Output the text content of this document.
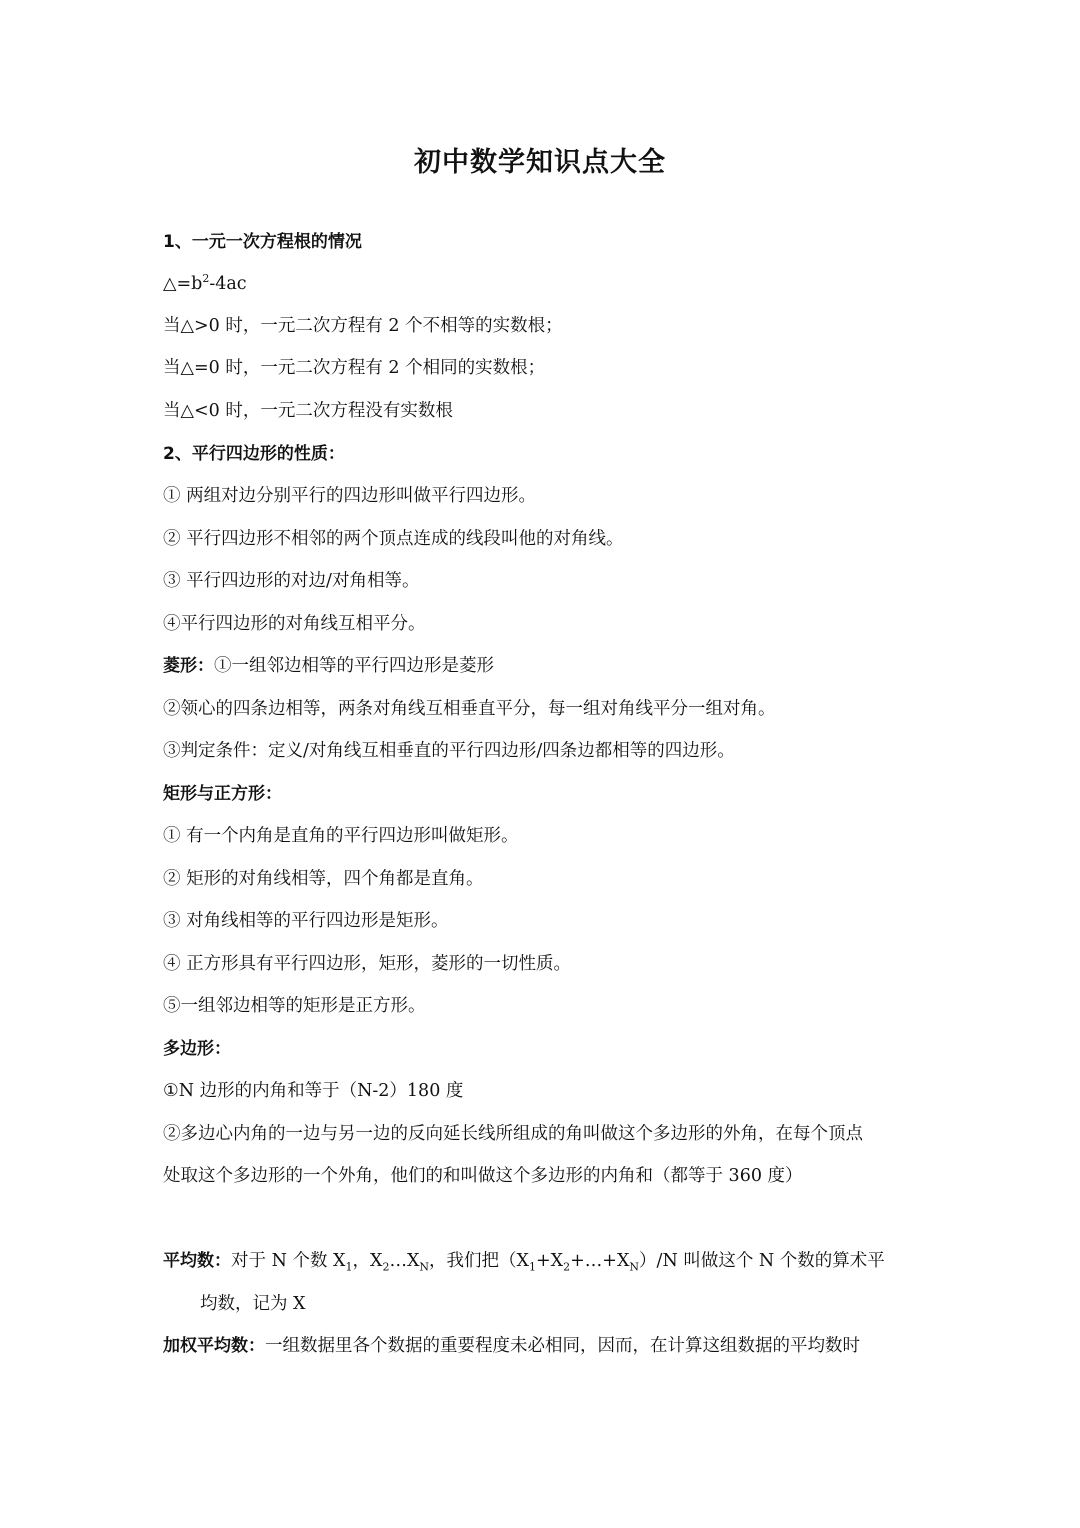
初中数学知识点大全
1、一元一次方程根的情况
$\triangle=b^2-4ac$
当△>0 时，一元二次方程有 2 个不相等的实数根；
当△=0 时，一元二次方程有 2 个相同的实数根；
当△<0 时，一元二次方程没有实数根
2、平行四边形的性质：
① 两组对边分别平行的四边形叫做平行四边形。
② 平行四边形不相邻的两个顶点连成的线段叫他的对角线。
③ 平行四边形的对边/对角相等。
④平行四边形的对角线互相平分。
菱形：①一组邻边相等的平行四边形是菱形
②领心的四条边相等，两条对角线互相垂直平分，每一组对角线平分一组对角。
③判定条件：定义/对角线互相垂直的平行四边形/四条边都相等的四边形。
矩形与正方形：
① 有一个内角是直角的平行四边形叫做矩形。
② 矩形的对角线相等，四个角都是直角。
③ 对角线相等的平行四边形是矩形。
④ 正方形具有平行四边形，矩形，菱形的一切性质。
⑤一组邻边相等的矩形是正方形。
多边形：
①N 边形的内角和等于（N-2）180 度
②多边心内角的一边与另一边的反向延长线所组成的角叫做这个多边形的外角，在每个顶点
处取这个多边形的一个外角，他们的和叫做这个多边形的内角和（都等于 360 度）
平均数：对于 N 个数 $X_1$，$X_2\dots X_N$，我们把$(X_1+X_2+\dots+X_N)/N$ 叫做这个 N 个数的算术平
均数，记为 X
加权平均数：一组数据里各个数据的重要程度未必相同，因而，在计算这组数据的平均数时
